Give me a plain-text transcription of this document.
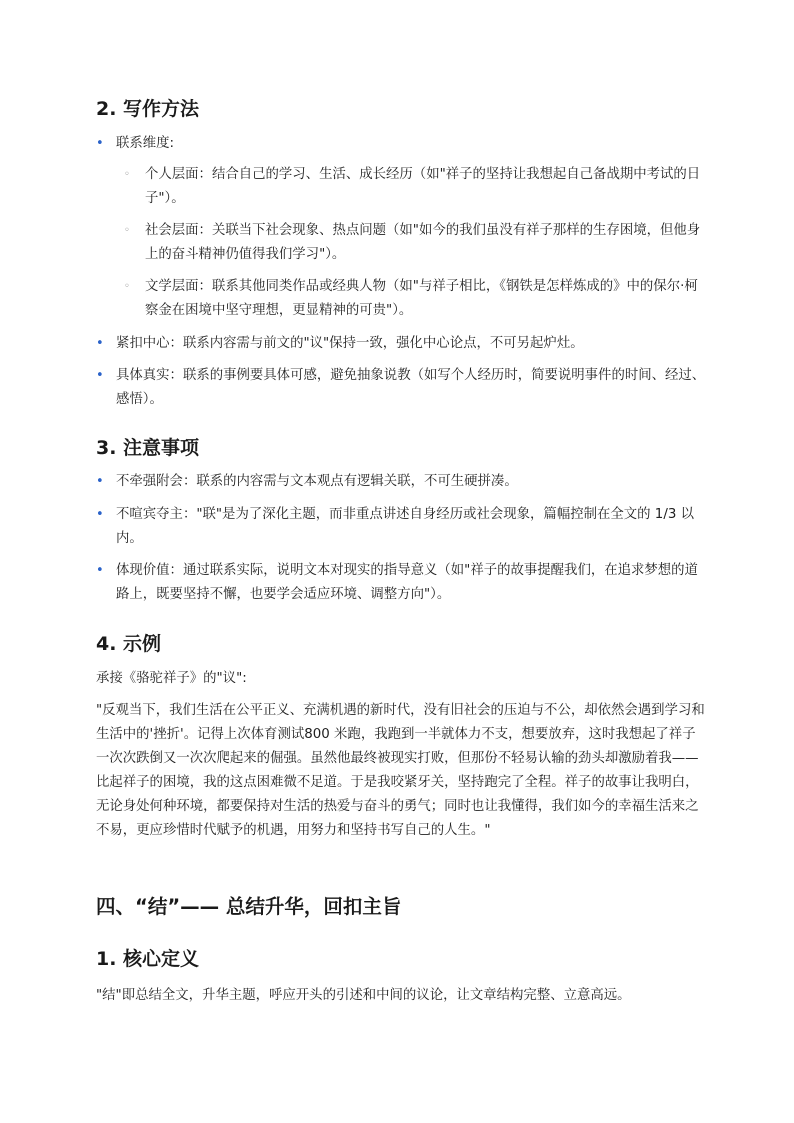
2. 写作方法
• 联系维度:
◦	个人层面：结合自己的学习、生活、成长经历（如"祥子的坚持让我想起自己备战期中考试的日子"）。
◦	社会层面：关联当下社会现象、热点问题（如"如今的我们虽没有祥子那样的生存困境，但他身上的奋斗精神仍值得我们学习"）。
◦	文学层面：联系其他同类作品或经典人物（如"与祥子相比，《钢铁是怎样炼成的》中的保尔·柯察金在困境中坚守理想，更显精神的可贵"）。
• 紧扣中心：联系内容需与前文的"议"保持一致，强化中心论点，不可另起炉灶。
• 具体真实：联系的事例要具体可感，避免抽象说教（如写个人经历时，简要说明事件的时间、经过、感悟）。
3. 注意事项
• 不牵强附会：联系的内容需与文本观点有逻辑关联，不可生硬拼凑。
• 不喧宾夺主："联"是为了深化主题，而非重点讲述自身经历或社会现象，篇幅控制在全文的 1/3 以内。
• 体现价值：通过联系实际，说明文本对现实的指导意义（如"祥子的故事提醒我们，在追求梦想的道路上，既要坚持不懈，也要学会适应环境、调整方向"）。
4. 示例
承接《骆驼祥子》的"议":
"反观当下，我们生活在公平正义、充满机遇的新时代，没有旧社会的压迫与不公，却依然会遇到学习和生活中的'挫折'。记得上次体育测试800 米跑，我跑到一半就体力不支，想要放弃，这时我想起了祥子一次次跌倒又一次次爬起来的倔强。虽然他最终被现实打败，但那份不轻易认输的劲头却激励着我——比起祥子的困境，我的这点困难微不足道。于是我咬紧牙关，坚持跑完了全程。祥子的故事让我明白，无论身处何种环境，都要保持对生活的热爱与奋斗的勇气；同时也让我懂得，我们如今的幸福生活来之不易，更应珍惜时代赋予的机遇，用努力和坚持书写自己的人生。"
四、“结”—— 总结升华，回扣主旨
1. 核心定义
"结"即总结全文，升华主题，呼应开头的引述和中间的议论，让文章结构完整、立意高远。
